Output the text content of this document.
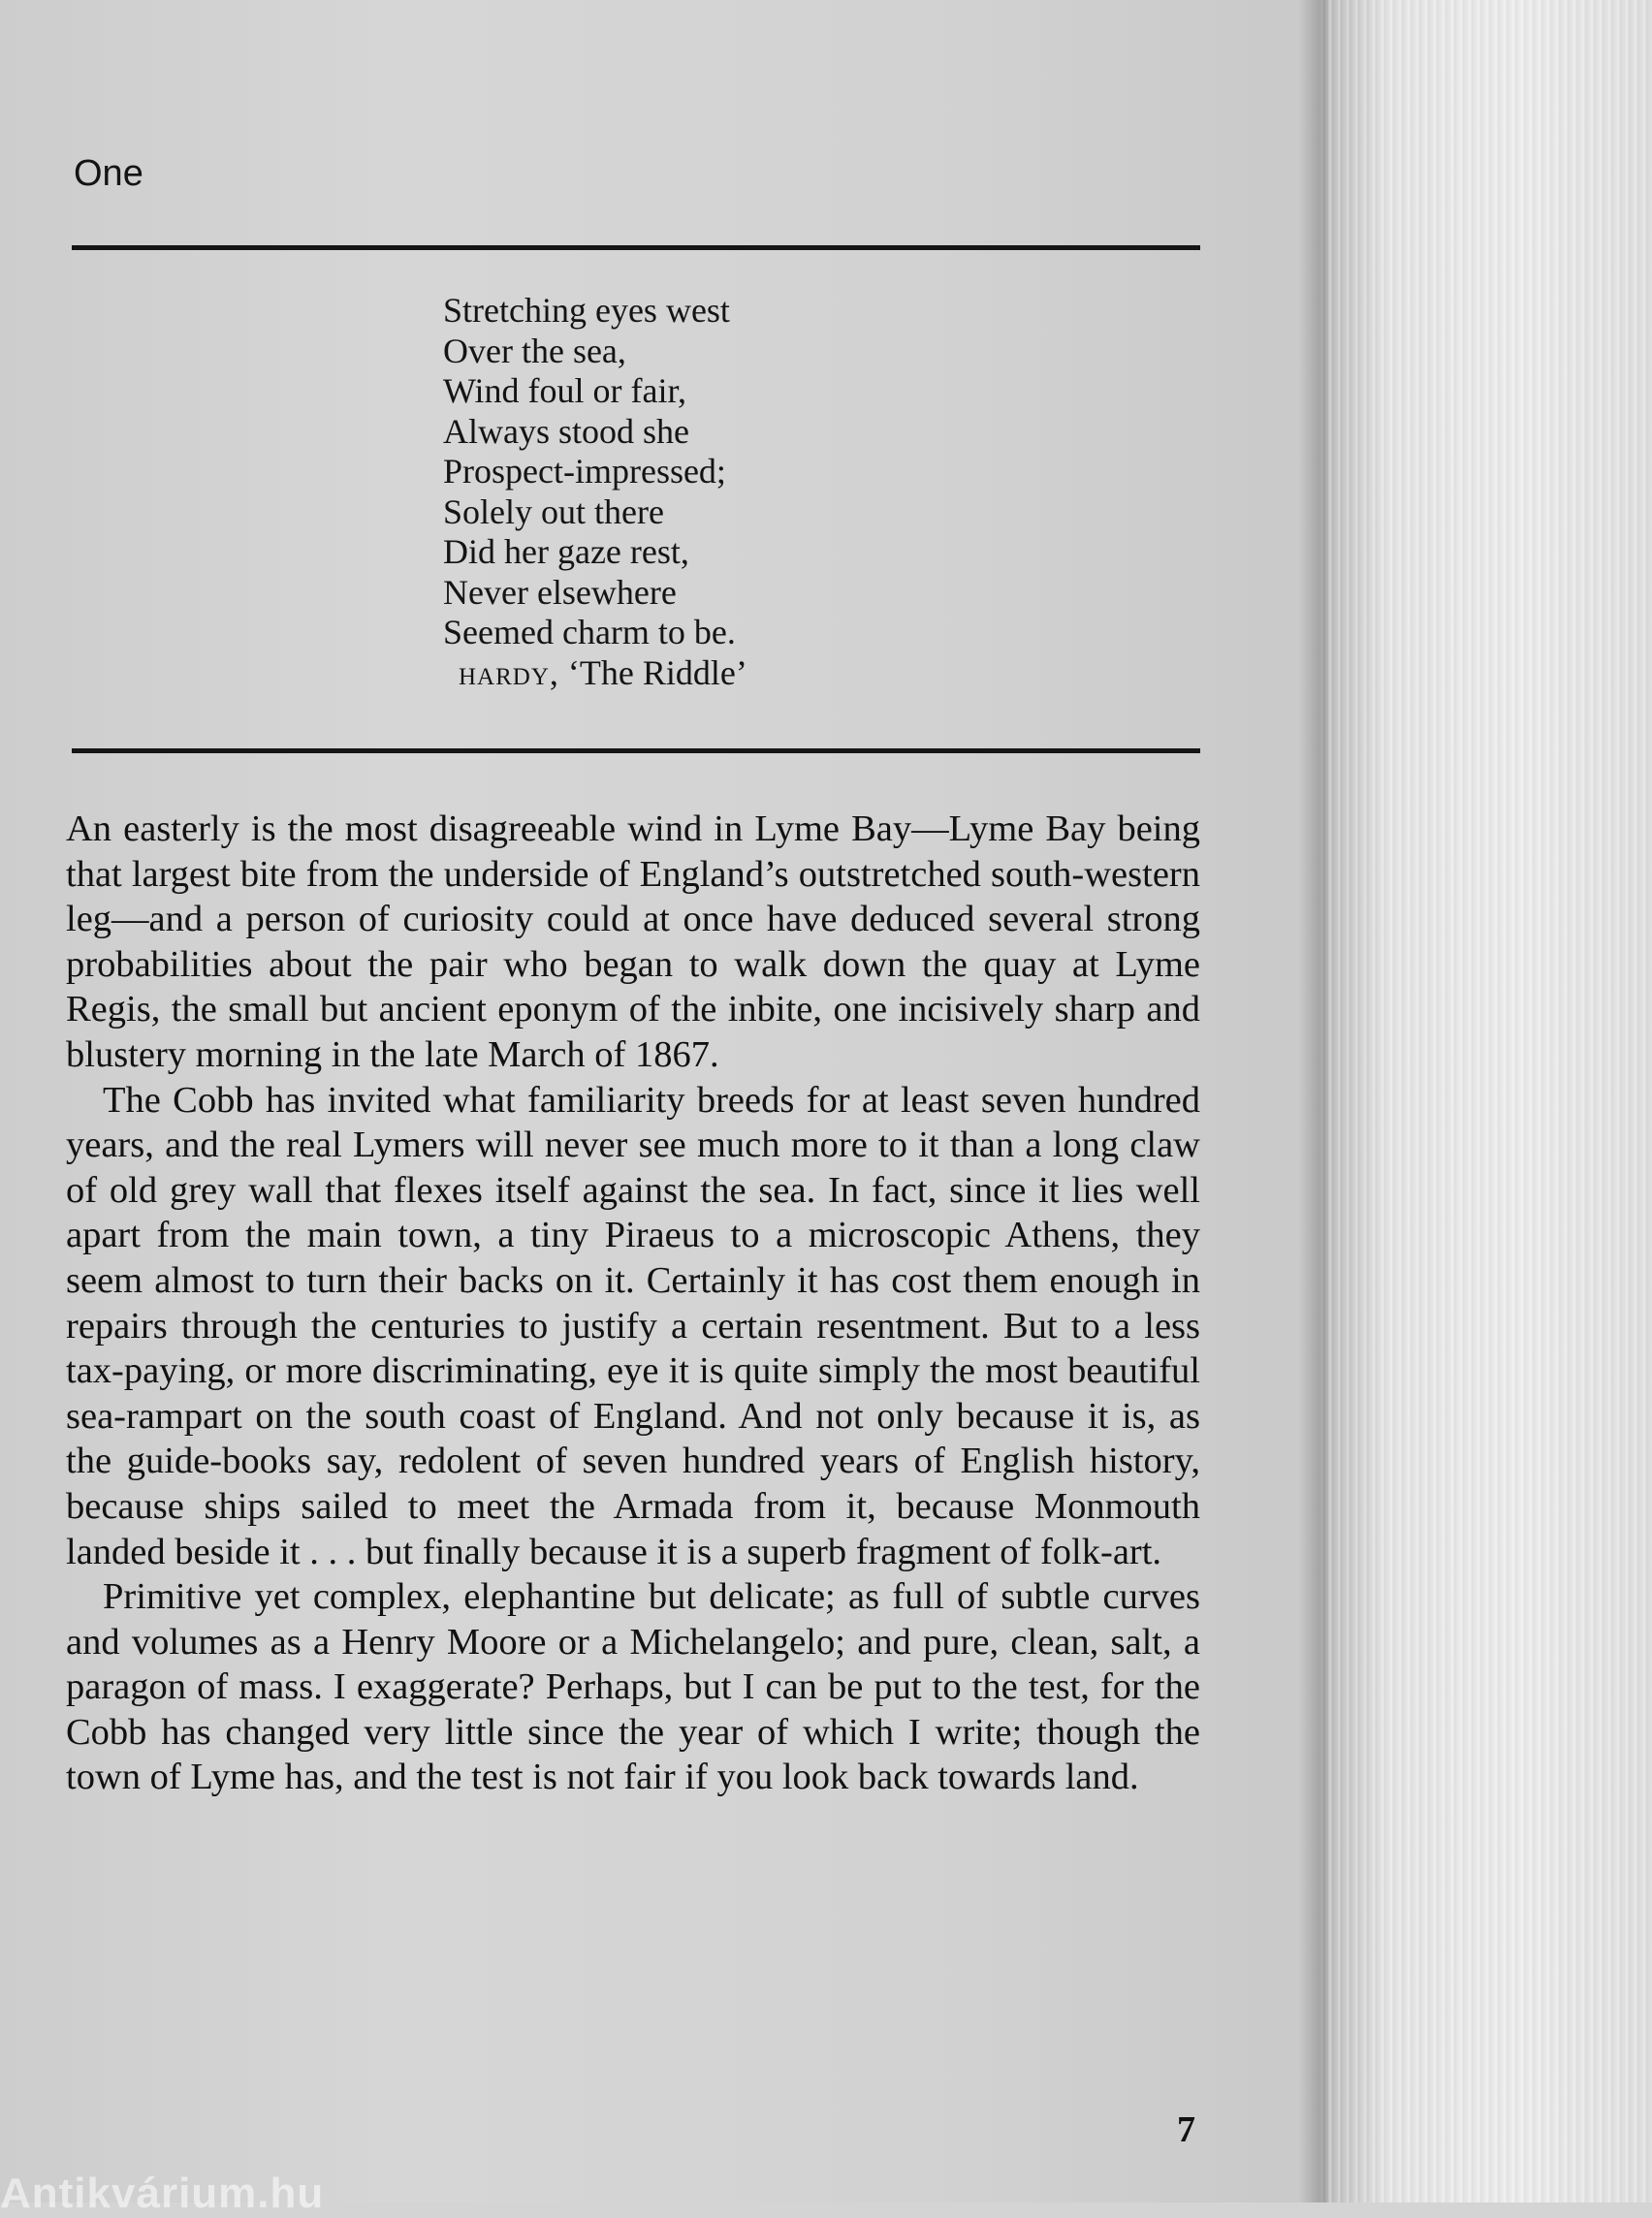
One
Stretching eyes west
Over the sea,
Wind foul or fair,
Always stood she
Prospect-impressed;
Solely out there
Did her gaze rest,
Never elsewhere
Seemed charm to be.
hardy, ‘The Riddle’

An easterly is the most disagreeable wind in Lyme Bay—Lyme Bay being that largest bite from the underside of England’s outstretched south-western leg—and a person of curiosity could at once have deduced several strong probabilities about the pair who began to walk down the quay at Lyme Regis, the small but ancient eponym of the inbite, one incisively sharp and blustery morning in the late March of 1867.

The Cobb has invited what familiarity breeds for at least seven hundred years, and the real Lymers will never see much more to it than a long claw of old grey wall that flexes itself against the sea. In fact, since it lies well apart from the main town, a tiny Piraeus to a microscopic Athens, they seem almost to turn their backs on it. Certainly it has cost them enough in repairs through the centuries to justify a certain resentment. But to a less tax-paying, or more discriminating, eye it is quite simply the most beautiful sea-rampart on the south coast of England. And not only because it is, as the guide-books say, redolent of seven hundred years of English history, because ships sailed to meet the Armada from it, because Monmouth landed beside it . . . but finally because it is a superb fragment of folk-art.

Primitive yet complex, elephantine but delicate; as full of subtle curves and volumes as a Henry Moore or a Michelangelo; and pure, clean, salt, a paragon of mass. I exaggerate? Perhaps, but I can be put to the test, for the Cobb has changed very little since the year of which I write; though the town of Lyme has, and the test is not fair if you look back towards land.

7
Antikvárium.hu
